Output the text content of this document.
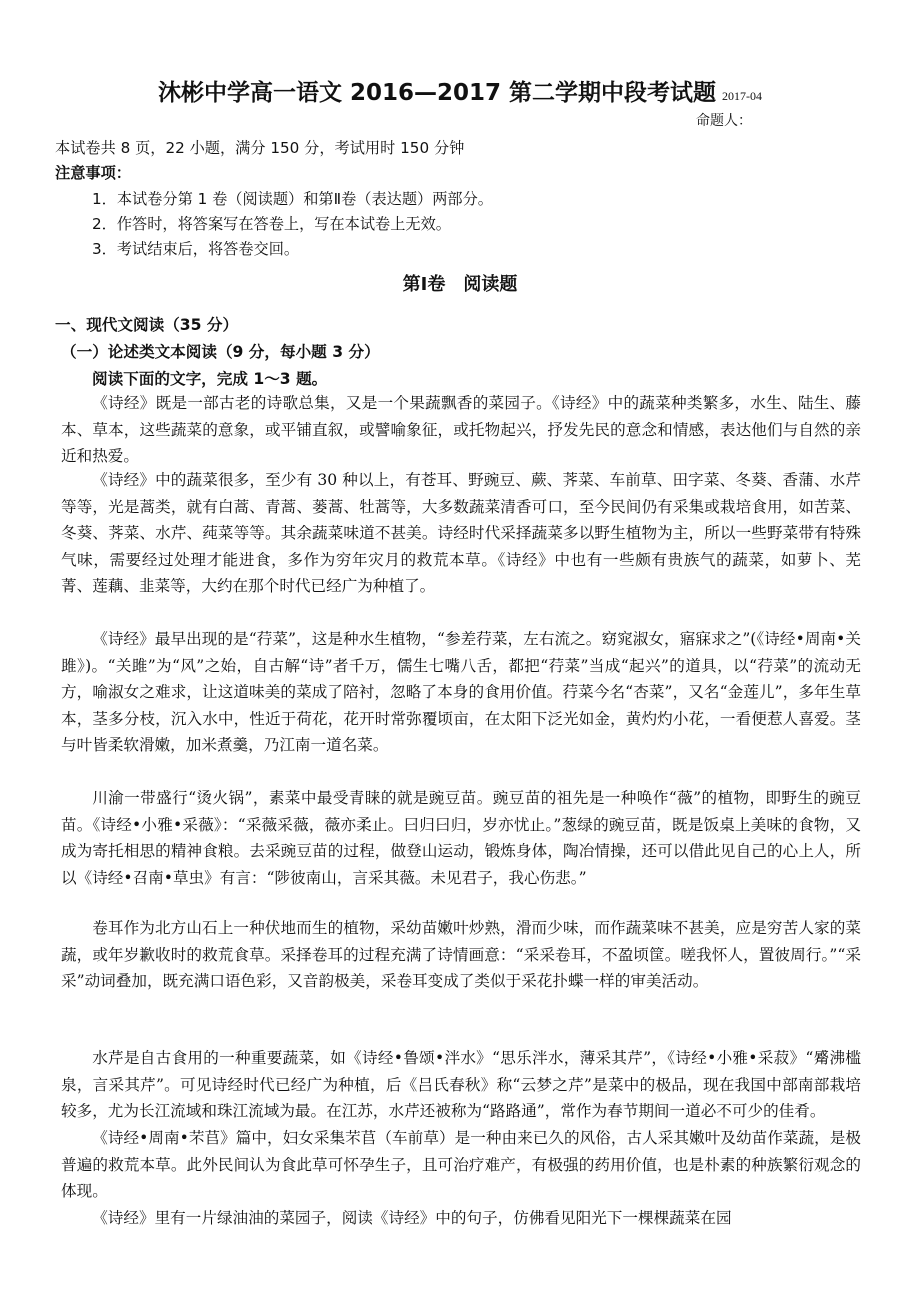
沐彬中学高一语文 2016—2017 第二学期中段考试题 2017-04
命题人：
本试卷共 8 页，22 小题，满分 150 分，考试用时 150 分钟
注意事项：
1．本试卷分第 1 卷（阅读题）和第Ⅱ卷（表达题）两部分。
2．作答时，将答案写在答卷上，写在本试卷上无效。
3．考试结束后，将答卷交回。
第Ⅰ卷　阅读题
一、现代文阅读（35 分）
（一）论述类文本阅读（9 分，每小题 3 分）
阅读下面的文字，完成 1～3 题。

《诗经》既是一部古老的诗歌总集，又是一个果蔬飘香的菜园子。《诗经》中的蔬菜种类繁多，水生、陆生、藤本、草本，这些蔬菜的意象，或平铺直叙，或譬喻象征，或托物起兴，抒发先民的意念和情感，表达他们与自然的亲近和热爱。

《诗经》中的蔬菜很多，至少有 30 种以上，有苍耳、野豌豆、蕨、荠菜、车前草、田字菜、冬葵、香蒲、水芹等等，光是蒿类，就有白蒿、青蒿、蒌蒿、牡蒿等，大多数蔬菜清香可口，至今民间仍有采集或栽培食用，如苦菜、冬葵、荠菜、水芹、莼菜等等。其余蔬菜味道不甚美。诗经时代采择蔬菜多以野生植物为主，所以一些野菜带有特殊气味，需要经过处理才能进食，多作为穷年灾月的救荒本草。《诗经》中也有一些颇有贵族气的蔬菜，如萝卜、芜菁、莲藕、韭菜等，大约在那个时代已经广为种植了。

《诗经》最早出现的是“荇菜”，这是种水生植物，“参差荇菜，左右流之。窈窕淑女，寤寐求之”(《诗经•周南•关雎》)。“关雎”为“风”之始，自古解“诗”者千万，儒生七嘴八舌，都把“荇菜”当成“起兴”的道具，以“荇菜”的流动无方，喻淑女之难求，让这道味美的菜成了陪衬，忽略了本身的食用价值。荇菜今名“杏菜”，又名“金莲儿”，多年生草本，茎多分枝，沉入水中，性近于荷花，花开时常弥覆顷亩，在太阳下泛光如金，黄灼灼小花，一看便惹人喜爱。茎与叶皆柔软滑嫩，加米煮羹，乃江南一道名菜。

川渝一带盛行“烫火锅”，素菜中最受青睐的就是豌豆苗。豌豆苗的祖先是一种唤作“薇”的植物，即野生的豌豆苗。《诗经•小雅•采薇》：“采薇采薇，薇亦柔止。曰归曰归，岁亦忧止。”葱绿的豌豆苗，既是饭桌上美味的食物，又成为寄托相思的精神食粮。去采豌豆苗的过程，做登山运动，锻炼身体，陶冶情操，还可以借此见自己的心上人，所以《诗经•召南•草虫》有言：“陟彼南山，言采其薇。未见君子，我心伤悲。”

卷耳作为北方山石上一种伏地而生的植物，采幼苗嫩叶炒熟，滑而少味，而作蔬菜味不甚美，应是穷苦人家的菜蔬，或年岁歉收时的救荒食草。采择卷耳的过程充满了诗情画意：“采采卷耳，不盈顷筐。嗟我怀人，置彼周行。”“采采”动词叠加，既充满口语色彩，又音韵极美，采卷耳变成了类似于采花扑蝶一样的审美活动。

水芹是自古食用的一种重要蔬菜，如《诗经•鲁颂•泮水》“思乐泮水，薄采其芹”，《诗经•小雅•采菽》“觱沸槛泉，言采其芹”。可见诗经时代已经广为种植，后《吕氏春秋》称“云梦之芹”是菜中的极品，现在我国中部南部栽培较多，尤为长江流域和珠江流域为最。在江苏，水芹还被称为“路路通”，常作为春节期间一道必不可少的佳肴。

《诗经•周南•芣苢》篇中，妇女采集芣苢（车前草）是一种由来已久的风俗，古人采其嫩叶及幼苗作菜蔬，是极普遍的救荒本草。此外民间认为食此草可怀孕生子，且可治疗难产，有极强的药用价值，也是朴素的种族繁衍观念的体现。

《诗经》里有一片绿油油的菜园子，阅读《诗经》中的句子，仿佛看见阳光下一棵棵蔬菜在园
